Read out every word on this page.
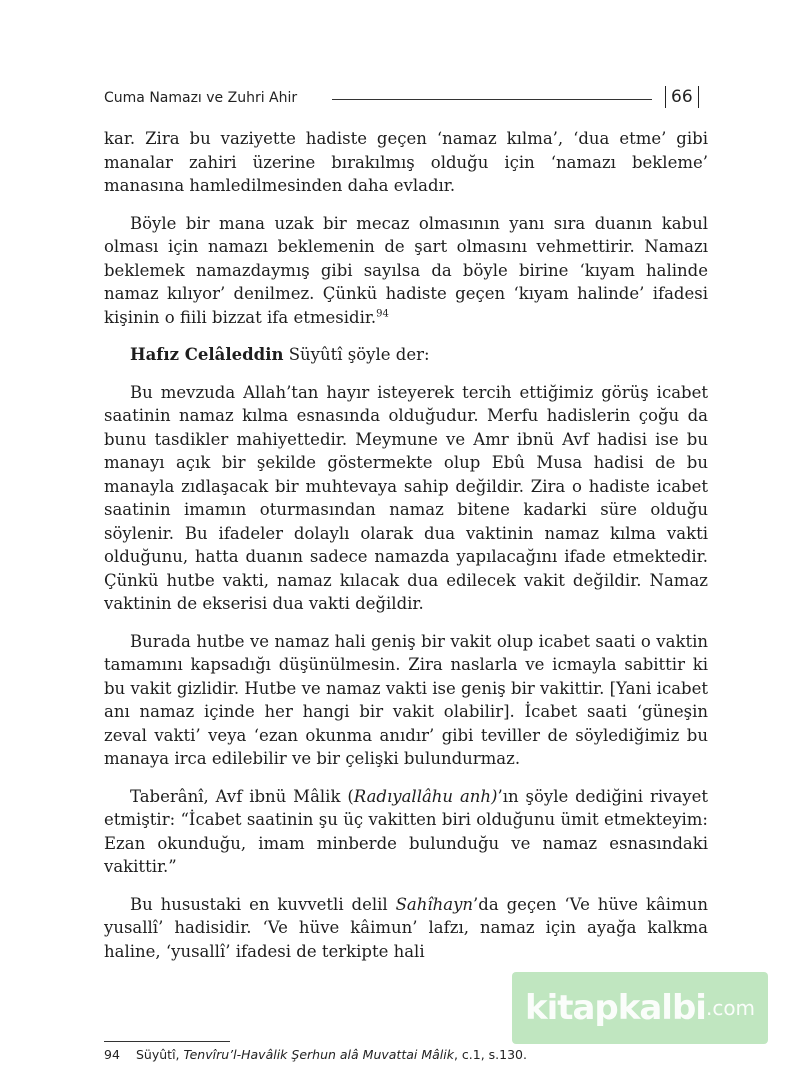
Cuma Namazı ve Zuhri Ahir	66

kar. Zira bu vaziyette hadiste geçen ‘namaz kılma’, ‘dua etme’ gibi manalar zahiri üzerine bırakılmış olduğu için ‘namazı bekleme’ manasına hamledilmesinden daha evladır.

Böyle bir mana uzak bir mecaz olmasının yanı sıra duanın kabul olması için namazı beklemenin de şart olmasını vehmettirir. Namazı beklemek namazdaymış gibi sayılsa da böyle birine ‘kıyam halinde namaz kılıyor’ denilmez. Çünkü hadiste geçen ‘kıyam halinde’ ifadesi kişinin o fiili bizzat ifa etmesidir.$^{94}$

Hafız Celâleddin Süyûtî şöyle der:

Bu mevzuda Allah’tan hayır isteyerek tercih ettiğimiz görüş icabet saatinin namaz kılma esnasında olduğudur. Merfu hadislerin çoğu da bunu tasdikler mahiyettedir. Meymune ve Amr ibnü Avf hadisi ise bu manayı açık bir şekilde göstermekte olup Ebû Musa hadisi de bu manayla zıdlaşacak bir muhtevaya sahip değildir. Zira o hadiste icabet saatinin imamın oturmasından namaz bitene kadarki süre olduğu söylenir. Bu ifadeler dolaylı olarak dua vaktinin namaz kılma vakti olduğunu, hatta duanın sadece namazda yapılacağını ifade etmektedir. Çünkü hutbe vakti, namaz kılacak dua edilecek vakit değildir. Namaz vaktinin de ekserisi dua vakti değildir.

Burada hutbe ve namaz hali geniş bir vakit olup icabet saati o vaktin tamamını kapsadığı düşünülmesin. Zira naslarla ve icmayla sabittir ki bu vakit gizlidir. Hutbe ve namaz vakti ise geniş bir vakittir. [Yani icabet anı namaz içinde her hangi bir vakit olabilir]. İcabet saati ‘güneşin zeval vakti’ veya ‘ezan okunma anıdır’ gibi teviller de söylediğimiz bu manaya irca edilebilir ve bir çelişki bulundurmaz.

Taberânî, Avf ibnü Mâlik (Radıyallâhu anh)’ın şöyle dediğini rivayet etmiştir: “İcabet saatinin şu üç vakitten biri olduğunu ümit etmekteyim: Ezan okunduğu, imam minberde bulunduğu ve namaz esnasındaki vakittir.”

Bu husustaki en kuvvetli delil Sahîhayn’da geçen ‘Ve hüve kâimun yusallî’ hadisidir. ‘Ve hüve kâimun’ lafzı, namaz için ayağa kalkma haline, ‘yusallî’ ifadesi de terkipte hali

kitapkalbi .com
94 Süyûtî, Tenvîru’l-Havâlik Şerhun alâ Muvattai Mâlik, c.1, s.130.
